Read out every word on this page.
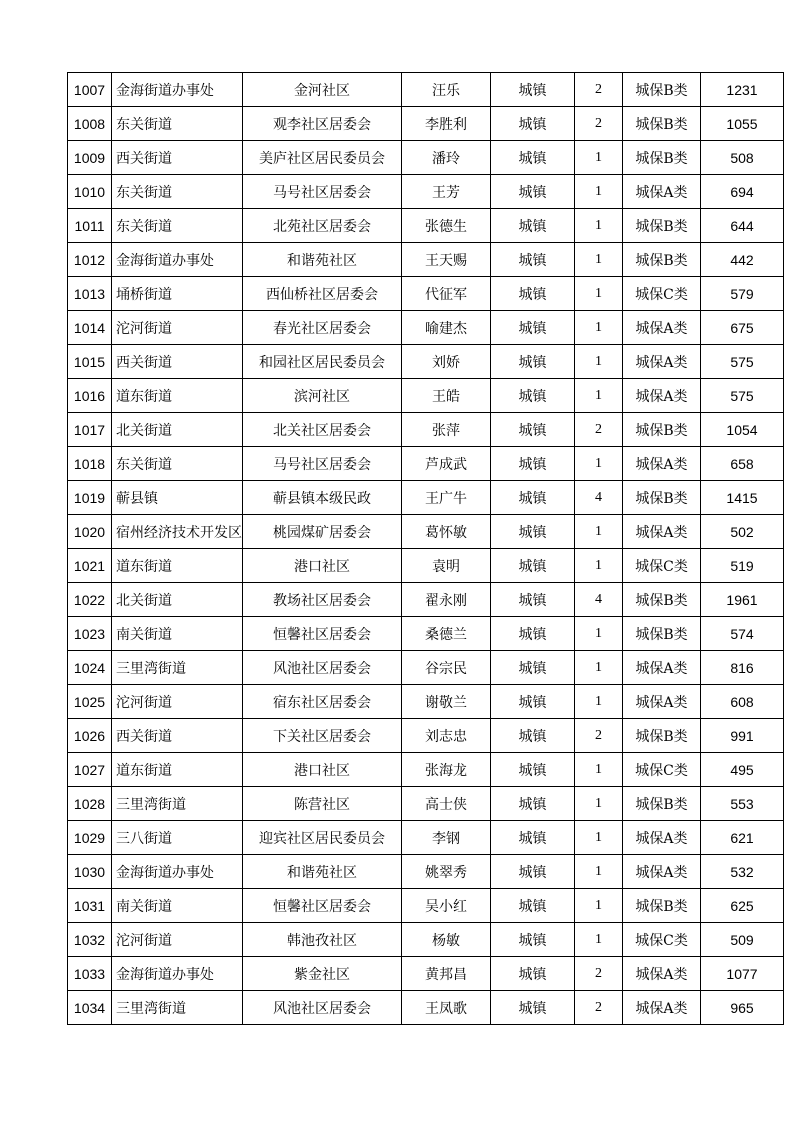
1007	金海街道办事处	金河社区	汪乐	城镇	2	城保B类	1231
1008	东关街道	观李社区居委会	李胜利	城镇	2	城保B类	1055
1009	西关街道	美庐社区居民委员会	潘玲	城镇	1	城保B类	508
1010	东关街道	马号社区居委会	王芳	城镇	1	城保A类	694
1011	东关街道	北苑社区居委会	张德生	城镇	1	城保B类	644
1012	金海街道办事处	和谐苑社区	王天赐	城镇	1	城保B类	442
1013	埇桥街道	西仙桥社区居委会	代征军	城镇	1	城保C类	579
1014	沱河街道	春光社区居委会	喻建杰	城镇	1	城保A类	675
1015	西关街道	和园社区居民委员会	刘娇	城镇	1	城保A类	575
1016	道东街道	滨河社区	王皓	城镇	1	城保A类	575
1017	北关街道	北关社区居委会	张萍	城镇	2	城保B类	1054
1018	东关街道	马号社区居委会	芦成武	城镇	1	城保A类	658
1019	蕲县镇	蕲县镇本级民政	王广牛	城镇	4	城保B类	1415
1020	宿州经济技术开发区	桃园煤矿居委会	葛怀敏	城镇	1	城保A类	502
1021	道东街道	港口社区	袁明	城镇	1	城保C类	519
1022	北关街道	教场社区居委会	翟永刚	城镇	4	城保B类	1961
1023	南关街道	恒馨社区居委会	桑德兰	城镇	1	城保B类	574
1024	三里湾街道	风池社区居委会	谷宗民	城镇	1	城保A类	816
1025	沱河街道	宿东社区居委会	谢敬兰	城镇	1	城保A类	608
1026	西关街道	下关社区居委会	刘志忠	城镇	2	城保B类	991
1027	道东街道	港口社区	张海龙	城镇	1	城保C类	495
1028	三里湾街道	陈营社区	高士侠	城镇	1	城保B类	553
1029	三八街道	迎宾社区居民委员会	李钢	城镇	1	城保A类	621
1030	金海街道办事处	和谐苑社区	姚翠秀	城镇	1	城保A类	532
1031	南关街道	恒馨社区居委会	吴小红	城镇	1	城保B类	625
1032	沱河街道	韩池孜社区	杨敏	城镇	1	城保C类	509
1033	金海街道办事处	紫金社区	黄邦昌	城镇	2	城保A类	1077
1034	三里湾街道	风池社区居委会	王凤歌	城镇	2	城保A类	965
